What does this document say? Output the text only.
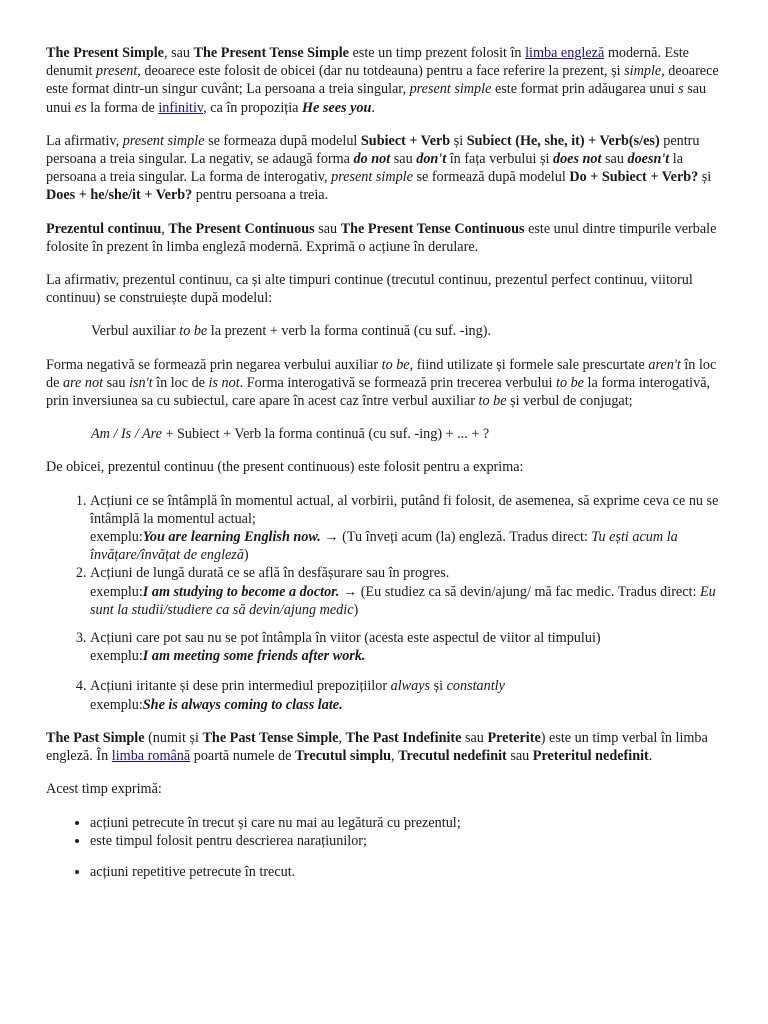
The Present Simple, sau The Present Tense Simple este un timp prezent folosit în limba engleză modernă. Este denumit present, deoarece este folosit de obicei (dar nu totdeauna) pentru a face referire la prezent, și simple, deoarece este format dintr-un singur cuvânt; La persoana a treia singular, present simple este format prin adăugarea unui s sau unui es la forma de infinitiv, ca în propoziția He sees you.

La afirmativ, present simple se formeaza după modelul Subiect + Verb și Subiect (He, she, it) + Verb(s/es) pentru persoana a treia singular. La negativ, se adaugă forma do not sau don't în fața verbului și does not sau doesn't la persoana a treia singular. La forma de interogativ, present simple se formează după modelul Do + Subiect + Verb? și Does + he/she/it + Verb? pentru persoana a treia.

Prezentul continuu, The Present Continuous sau The Present Tense Continuous este unul dintre timpurile verbale folosite în prezent în limba engleză modernă. Exprimă o acțiune în derulare.

La afirmativ, prezentul continuu, ca și alte timpuri continue (trecutul continuu, prezentul perfect continuu, viitorul continuu) se construiește după modelul:

Verbul auxiliar to be la prezent + verb la forma continuă (cu suf. -ing).

Forma negativă se formează prin negarea verbului auxiliar to be, fiind utilizate și formele sale prescurtate aren't în loc de are not sau isn't în loc de is not. Forma interogativă se formează prin trecerea verbului to be la forma interogativă, prin inversiunea sa cu subiectul, care apare în acest caz între verbul auxiliar to be și verbul de conjugat;

Am / Is / Are + Subiect + Verb la forma continuă (cu suf. -ing) + ... + ?

De obicei, prezentul continuu (the present continuous) este folosit pentru a exprima:

1. Acțiuni ce se întâmplă în momentul actual, al vorbirii, putând fi folosit, de asemenea, să exprime ceva ce nu se întâmplă la momentul actual;
exemplu:You are learning English now. → (Tu înveți acum (la) engleză. Tradus direct: Tu ești acum la învățare/învățat de engleză)
2. Acțiuni de lungă durată ce se află în desfășurare sau în progres.
exemplu:I am studying to become a doctor. → (Eu studiez ca să devin/ajung/ mă fac medic. Tradus direct: Eu sunt la studii/studiere ca să devin/ajung medic)
3. Acțiuni care pot sau nu se pot întâmpla în viitor (acesta este aspectul de viitor al timpului)
exemplu:I am meeting some friends after work.
4. Acțiuni iritante și dese prin intermediul prepozițiilor always și constantly
exemplu:She is always coming to class late.

The Past Simple (numit și The Past Tense Simple, The Past Indefinite sau Preterite) este un timp verbal în limba engleză. În limba română poartă numele de Trecutul simplu, Trecutul nedefinit sau Preteritul nedefinit.

Acest timp exprimă:

• acțiuni petrecute în trecut și care nu mai au legătură cu prezentul;
• este timpul folosit pentru descrierea narațiunilor;
• acțiuni repetitive petrecute în trecut.
